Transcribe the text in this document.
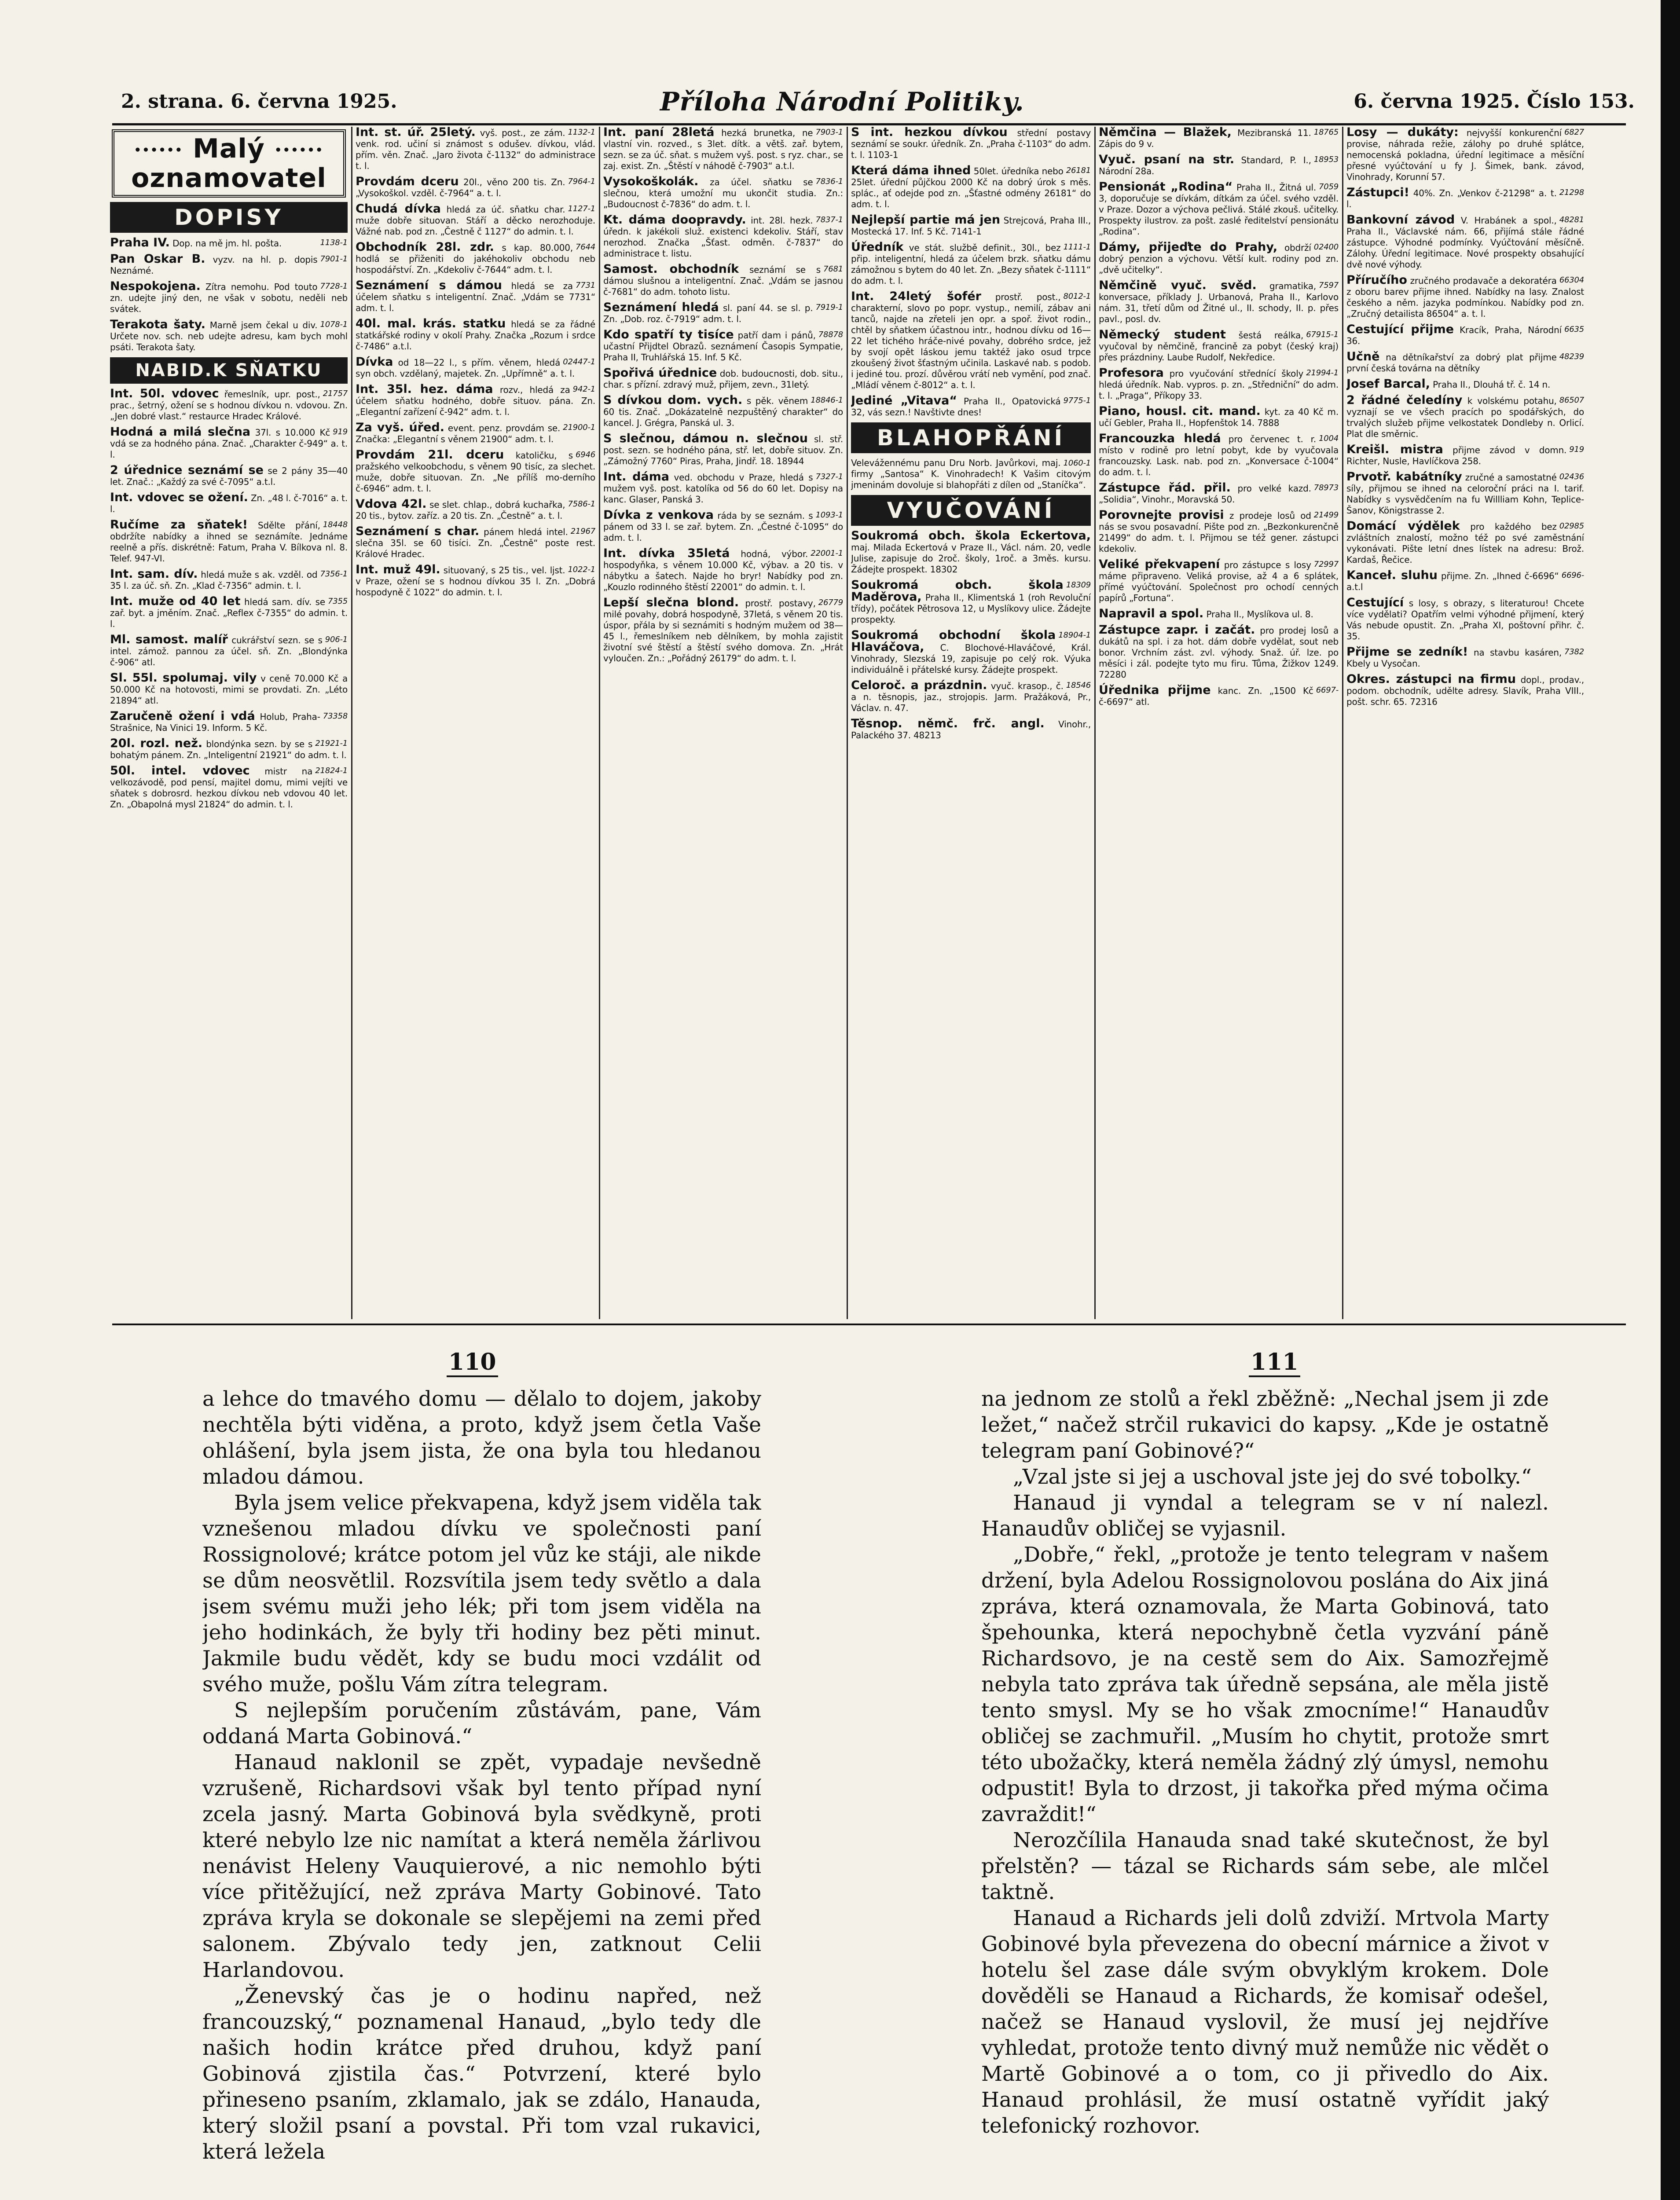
2. strana. 6. června 1925.	Příloha Národní Politiky.	6. června 1925. Číslo 153.
•••••• Malý ••••••
oznamovatel
DOPISY
1138-1
Praha IV. Dop. na mě jm. hl. pošta.
7901-1
Pan Oskar B. vyzv. na hl. p. dopis Neznámé.
7728-1
Nespokojena. Zítra nemohu. Pod touto zn. udejte jiný den, ne však v sobotu, neděli neb svátek.
1078-1
Terakota šaty. Marně jsem čekal u div. Určete nov. sch. neb udejte adresu, kam bych mohl psáti. Terakota šaty.
NABID.K SŇATKU
21757
Int. 50l. vdovec řemeslník, upr. post., prac., šetrný, ožení se s hodnou dívkou n. vdovou. Zn. „Jen dobré vlast.“ restaurce Hradec Králové.
919
Hodná a milá slečna 37l. s 10.000 Kč vdá se za hodného pána. Znač. „Charakter č-949“ a. t. l.
2 úřednice seznámí se se 2 pány 35—40 let. Znač.: „Každý za své č-7095“ a.t.l.
Int. vdovec se ožení. Zn. „48 l. č-7016“ a. t. l.
18448
Ručíme za sňatek! Sdělte přání, obdržíte nabídky a ihned se seznámíte. Jednáme reelně a přís. diskrétně: Fatum, Praha V. Bílkova nl. 8. Telef. 947-VI.
7356-1
Int. sam. dív. hledá muže s ak. vzděl. od 35 l. za úč. sň. Zn. „Klad č-7356“ admin. t. l.
7355
Int. muže od 40 let hledá sam. dív. se zař. byt. a jměním. Znač. „Reflex č-7355“ do admin. t. l.
906-1
Ml. samost. malíř cukrářství sezn. se s intel. zámož. pannou za účel. sň. Zn. „Blondýnka č-906“ atl.
Sl. 55l. spolumaj. vily v ceně 70.000 Kč a 50.000 Kč na hotovosti, mimi se provdati. Zn. „Léto 21894“ atl.
73358
Zaručeně ožení i vdá Holub, Praha-Strašnice, Na Vinici 19. Inform. 5 Kč.
21921-1
20l. rozl. než. blondýnka sezn. by se s bohatým pánem. Zn. „Inteligentní 21921“ do adm. t. l.
21824-1
50l. intel. vdovec mistr na velkozávodě, pod pensí, majitel domu, mimi vejíti ve sňatek s dobrosrd. hezkou dívkou neb vdovou 40 let. Zn. „Obapolná mysl 21824“ do admin. t. l.
1132-1
Int. st. úř. 25letý. vyš. post., ze zám. venk. rod. učiní si známost s odušev. dívkou, vlád. přím. věn. Znač. „Jaro života č-1132“ do administrace t. l.
7964-1
Provdám dceru 20l., věno 200 tis. Zn. „Vysokoškol. vzděl. č-7964“ a. t. l.
1127-1
Chudá dívka hledá za úč. sňatku char. muže dobře situovan. Stáří a děcko nerozhoduje. Vážné nab. pod zn. „Čestně č 1127“ do admin. t. l.
7644
Obchodník 28l. zdr. s kap. 80.000, hodlá se přiženiti do jakéhokoliv obchodu neb hospodářství. Zn. „Kdekoliv č-7644“ adm. t. l.
7731
Seznámení s dámou hledá se za účelem sňatku s inteligentní. Znač. „Vdám se 7731“ adm. t. l.
40l. mal. krás. statku hledá se za řádné statkářské rodiny v okolí Prahy. Značka „Rozum i srdce č-7486“ a.t.l.
02447-1
Dívka od 18—22 l., s přím. věnem, hledá syn obch. vzdělaný, majetek. Zn. „Upřímně“ a. t. l.
942-1
Int. 35l. hez. dáma rozv., hledá za účelem sňatku hodného, dobře situov. pána. Zn. „Elegantní zařízení č-942“ adm. t. l.
21900-1
Za vyš. úřed. event. penz. provdám se. Značka: „Elegantní s věnem 21900“ adm. t. l.
6946
Provdám 21l. dceru katoličku, s pražského velkoobchodu, s věnem 90 tisíc, za slechet. muže, dobře situovan. Zn. „Ne přílíš mo-derního č-6946“ adm. t. l.
7586-1
Vdova 42l. se slet. chlap., dobrá kuchařka, 20 tis., bytov. zaříz. a 20 tis. Zn. „Čestně“ a. t. l.
21967
Seznámení s char. pánem hledá intel. slečna 35l. se 60 tisíci. Zn. „Čestně“ poste rest. Králové Hradec.
1022-1
Int. muž 49l. situovaný, s 25 tis., vel. ljst. v Praze, ožení se s hodnou dívkou 35 l. Zn. „Dobrá hospodyně č 1022“ do admin. t. l.
7903-1
Int. paní 28letá hezká brunetka, ne vlastní vin. rozved., s 3let. dítk. a větš. zař. bytem, sezn. se za úč. sňat. s mužem vyš. post. s ryz. char., se zaj. exist. Zn. „Štěstí v náhodě č-7903“ a.t.l.
7836-1
Vysokoškolák. za účel. sňatku se slečnou, která umožní mu ukončit studia. Zn.: „Budoucnost č-7836“ do adm. t. l.
7837-1
Kt. dáma doopravdy. int. 28l. hezk. úředn. k jakékoli služ. existenci kdekoliv. Stáří, stav nerozhod. Značka „Šťast. odměn. č-7837“ do administrace t. listu.
7681
Samost. obchodník seznámí se s dámou slušnou a inteligentní. Znač. „Vdám se jasnou č-7681“ do adm. tohoto listu.
7919-1
Seznámení hledá sl. paní 44. se sl. p. Zn. „Dob. roz. č-7919“ adm. t. l.
78878
Kdo spatří ty tisíce patří dam i pánů, učastní Přijdtel Obrazů. seznámení Časopis Sympatie, Praha II, Truhlářská 15. Inf. 5 Kč.
Spořivá úřednice dob. budoucnosti, dob. situ., char. s přízní. zdravý muž, přijem, zevn., 31letý.
18846-1
S dívkou dom. vych. s pěk. věnem 60 tis. Znač. „Dokázatelně nezpuštěný charakter“ do kancel. J. Grégra, Panská ul. 3.
S slečnou, dámou n. slečnou sl. stř. post. sezn. se hodného pána, stř. let, dobře situov. Zn. „Zámožný 7760“ Piras, Praha, Jindř. 18. 18944
7327-1
Int. dáma ved. obchodu v Praze, hledá s mužem vyš. post. katolíka od 56 do 60 let. Dopisy na kanc. Glaser, Panská 3.
1093-1
Dívka z venkova ráda by se seznám. s pánem od 33 l. se zař. bytem. Zn. „Čestné č-1095“ do adm. t. l.
22001-1
Int. dívka 35letá hodná, výbor. hospodyňka, s věnem 10.000 Kč, výbav. a 20 tis. v nábytku a šatech. Najde ho bryr! Nabídky pod zn. „Kouzlo rodinného štěstí 22001“ do admin. t. l.
26779
Lepší slečna blond. prostř. postavy, milé povahy, dobrá hospodyně, 37letá, s věnem 20 tis. úspor, přála by si seznámiti s hodným mužem od 38—45 l., řemeslníkem neb dělníkem, by mohla zajistit životní své štěstí a štěstí svého domova. Zn. „Hrát vyloučen. Zn.: „Pořádný 26179“ do adm. t. l.
S int. hezkou dívkou střední postavy seznámí se soukr. úředník. Zn. „Praha č-1103“ do adm. t. l. 1103-1
26181
Která dáma ihned 50let. úředníka nebo 25let. úřední půjčkou 2000 Kč na dobrý úrok s měs. splác., ať odejde pod zn. „Šťastné odmény 26181“ do adm. t. l.
Nejlepší partie má jen Strejcová, Praha III., Mostecká 17. Inf. 5 Kč. 7141-1
1111-1
Úředník ve stát. službě definit., 30l., bez přip. inteligentní, hledá za účelem brzk. sňatku dámu zámožnou s bytem do 40 let. Zn. „Bezy sňatek č-1111“ do adm. t. l.
8012-1
Int. 24letý šofér prostř. post., charakterní, slovo po popr. vystup., nemilí, zábav ani tanců, najde na zřeteli jen opr. a spoř. život rodin., chtěl by sňatkem účastnou intr., hodnou dívku od 16—22 let tichého hráče-nivé povahy, dobrého srdce, jež by svojí opět láskou jemu taktéž jako osud trpce zkoušený život šťastným učinila. Laskavé nab. s podob. i jediné tou. prozí. důvěrou vrátí neb vymění, pod znač. „Mládí věnem č-8012“ a. t. l.
9775-1
Jediné „Vitava“ Praha II., Opatovická 32, vás sezn.! Navštivte dnes!
BLAHOPŘÁNÍ
1060-1
Velevážennému panu Dru Norb. Javůrkovi, maj. firmy „Santosa“ K. Vinohradech! K Vašim citovým jmeninám dovoluje si blahopřáti z dílen od „Staníčka“.
VYUČOVÁNÍ
Soukromá obch. škola Eckertova, maj. Milada Eckertová v Praze II., Václ. nám. 20, vedle Julise, zapisuje do 2roč. školy, 1roč. a 3měs. kursu. Žádejte prospekt. 18302
18309
Soukromá obch. škola Maděrova, Praha II., Klimentská 1 (roh Revoluční třídy), počátek Pětrosova 12, u Myslíkovy ulice. Žádejte prospekty.
18904-1
Soukromá obchodní škola Hlaváčova, C. Blochové-Hlaváčové, Král. Vinohrady, Slezská 19, zapisuje po celý rok. Výuka individuálně i přátelské kursy. Žádejte prospekt.
18546
Celoroč. a prázdnin. vyuč. krasop., č. a n. těsnopis, jaz., strojopis. Jarm. Pražáková, Pr., Václav. n. 47.
Těsnop. němč. frč. angl. Vinohr., Palackého 37. 48213
18765
Němčina — Blažek, Mezibranská 11. Zápis do 9 v.
18953
Vyuč. psaní na str. Standard, P. I., Národní 28a.
7059
Pensionát „Rodina“ Praha II., Žitná ul. 3, doporučuje se dívkám, dítkám za účel. svého vzděl. v Praze. Dozor a výchova pečlivá. Stálé zkouš. učitelky. Prospekty ilustrov. za pošt. zaslé ředitelství pensionátu „Rodina“.
02400
Dámy, přijeďte do Prahy, obdrží dobrý penzion a výchovu. Větší kult. rodiny pod zn. „dvě učitelky“.
7597
Němčině vyuč. svěd. gramatika, konversace, příklady J. Urbanová, Praha II., Karlovo nám. 31, třetí dům od Žitné ul., II. schody, II. p. přes pavl., posl. dv.
67915-1
Německý student šestá reálka, vyučoval by němčině, francině za pobyt (český kraj) přes prázdniny. Laube Rudolf, Nekředice.
21994-1
Profesora pro vyučování střednící školy hledá úředník. Nab. vypros. p. zn. „Středniční“ do adm. t. l. „Praga“, Příkopy 33.
Piano, housl. cit. mand. kyt. za 40 Kč m. učí Gebler, Praha II., Hopfenštok 14. 7888
1004
Francouzka hledá pro červenec t. r. místo v rodině pro letní pobyt, kde by vyučovala francouzsky. Lask. nab. pod zn. „Konversace č-1004“ do adm. t. l.
78973
Zástupce řád. přil. pro velké kazd. „Solidia“, Vinohr., Moravská 50.
21499
Porovnejte provisi z prodeje losů od nás se svou posavadní. Pište pod zn. „Bezkonkurenčně 21499“ do adm. t. l. Přijmou se též gener. zástupci kdekoliv.
72997
Veliké překvapení pro zástupce s losy máme připraveno. Veliká provise, až 4 a 6 splátek, přímé vyúčtování. Společnost pro ochodí cenných papírů „Fortuna“.
Napravil a spol. Praha II., Myslíkova ul. 8.
Zástupce zapr. i začát. pro prodej losů a dukátů na spl. i za hot. dám dobře vydělat, sout neb bonor. Vrchním zást. zvl. výhody. Snaž. úř. lze. po měsíci i zál. podejte tyto mu firu. Tůma, Žižkov 1249. 72280
6697-
Úřednika přijme kanc. Zn. „1500 Kč č-6697“ atl.
6827
Losy — dukáty: nejvyšší konkurenční provise, náhrada režie, zálohy po druhé splátce, nemocenská pokladna, úřední legitimace a měsíční přesné vyúčtování u fy J. Šimek, bank. závod, Vinohrady, Korunní 57.
21298
Zástupci! 40%. Zn. „Venkov č-21298“ a. t. l.
48281
Bankovní závod V. Hrabánek a spol., Praha II., Václavské nám. 66, přijímá stále řádné zástupce. Výhodné podmínky. Vyúčtování měsíčně. Zálohy. Úřední legitimace. Nové prospekty obsahující dvě nové výhody.
66304
Příručího zručného prodavače a dekoratéra z oboru barev přijme ihned. Nabídky na lasy. Znalost českého a něm. jazyka podmínkou. Nabídky pod zn. „Zručný detailista 86504“ a. t. l.
6635
Cestující přijme Kracík, Praha, Národní 36.
48239
Učně na dětníkařství za dobrý plat přijme první česká továrna na dětníky
Josef Barcal, Praha II., Dlouhá tř. č. 14 n.
86507
2 řádné čeledíny k volskému potahu, vyznají se ve všech pracích po spodářských, do trvalých služeb přijme velkostatek Dondleby n. Orlicí. Plat dle směrnic.
919
Kreišl. mistra přijme závod v domn. Richter, Nusle, Havlíčkova 258.
02436
Prvotř. kabátníky zručné a samostatné síly, přijmou se ihned na celoroční práci na I. tarif. Nabídky s vysvědčením na fu Willliam Kohn, Teplice-Šanov, Königstrasse 2.
02985
Domácí výdělek pro každého bez zvláštních znalostí, možno též po své zaměstnání vykonávati. Pište letní dnes lístek na adresu: Brož. Kardaš, Řečice.
6696-
Kanceł. sluhu přijme. Zn. „Ihned č-6696“ a.t.l
Cestující s losy, s obrazy, s literaturou! Chcete více vydělati? Opatřím velmi výhodné přijmení, který Vás nebude opustit. Zn. „Praha XI, poštovní přihr. č. 35.
7382
Přijme se zedník! na stavbu kasáren, Kbely u Vysočan.
Okres. zástupci na firmu dopl., prodav., podom. obchodník, udělte adresy. Slavík, Praha VIII., pošt. schr. 65. 72316
110	111

a lehce do tmavého domu — dělalo to dojem, jakoby nechtěla býti viděna, a proto, když jsem četla Vaše ohlášení, byla jsem jista, že ona byla tou hledanou mladou dámou.

Byla jsem velice překvapena, když jsem viděla tak vznešenou mladou dívku ve společnosti paní Rossignolové; krátce potom jel vůz ke stáji, ale nikde se dům neosvětlil. Rozsvítila jsem tedy světlo a dala jsem svému muži jeho lék; při tom jsem viděla na jeho hodinkách, že byly tři hodiny bez pěti minut. Jakmile budu vědět, kdy se budu moci vzdálit od svého muže, pošlu Vám zítra telegram.

S nejlepším poručením zůstávám, pane, Vám oddaná Marta Gobinová.“

Hanaud naklonil se zpět, vypadaje nevšedně vzrušeně, Richardsovi však byl tento případ nyní zcela jasný. Marta Gobinová byla svědkyně, proti které nebylo lze nic namítat a která neměla žárlivou nenávist Heleny Vauquierové, a nic nemohlo býti více přitěžující, než zpráva Marty Gobinové. Tato zpráva kryla se dokonale se slepějemi na zemi před salonem. Zbývalo tedy jen, zatknout Celii Harlandovou.

„Ženevský čas je o hodinu napřed, než francouzský,“ poznamenal Hanaud, „bylo tedy dle našich hodin krátce před druhou, když paní Gobinová zjistila čas.“ Potvrzení, které bylo přineseno psaním, zklamalo, jak se zdálo, Hanauda, který složil psaní a povstal. Při tom vzal rukavici, která ležela

na jednom ze stolů a řekl zběžně: „Nechal jsem ji zde ležet,“ načež strčil rukavici do kapsy. „Kde je ostatně telegram paní Gobinové?“

„Vzal jste si jej a uschoval jste jej do své tobolky.“

Hanaud ji vyndal a telegram se v ní nalezl. Hanaudův obličej se vyjasnil.

„Dobře,“ řekl, „protože je tento telegram v našem držení, byla Adelou Rossignolovou poslána do Aix jiná zpráva, která oznamovala, že Marta Gobinová, tato špehounka, která nepochybně četla vyzvání páně Richardsovo, je na cestě sem do Aix. Samozřejmě nebyla tato zpráva tak úředně sepsána, ale měla jistě tento smysl. My se ho však zmocníme!“ Hanaudův obličej se zachmuřil. „Musím ho chytit, protože smrt této ubožačky, která neměla žádný zlý úmysl, nemohu odpustit! Byla to drzost, ji takořka před mýma očima zavraždit!“

Nerozčílila Hanauda snad také skutečnost, že byl přelstěn? — tázal se Richards sám sebe, ale mlčel taktně.

Hanaud a Richards jeli dolů zdviží. Mrtvola Marty Gobinové byla převezena do obecní márnice a život v hotelu šel zase dále svým obvyklým krokem. Dole dověděli se Hanaud a Richards, že komisař odešel, načež se Hanaud vyslovil, že musí jej nejdříve vyhledat, protože tento divný muž nemůže nic vědět o Martě Gobinové a o tom, co ji přivedlo do Aix. Hanaud prohlásil, že musí ostatně vyřídit jaký telefonický rozhovor.
